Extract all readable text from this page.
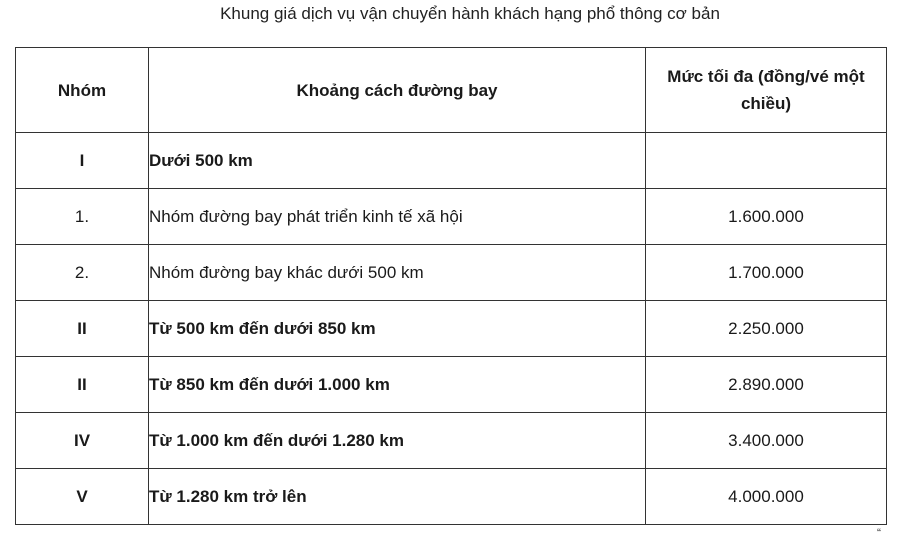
Khung giá dịch vụ vận chuyển hành khách hạng phổ thông cơ bản
Nhóm	Khoảng cách đường bay	Mức tối đa (đồng/vé một chiều)

I	Dưới 500 km	
1.	Nhóm đường bay phát triển kinh tế xã hội	1.600.000
2.	Nhóm đường bay khác dưới 500 km	1.700.000
II	Từ 500 km đến dưới 850 km	2.250.000
II	Từ 850 km đến dưới 1.000 km	2.890.000
IV	Từ 1.000 km đến dưới 1.280 km	3.400.000
V	Từ 1.280 km trở lên	4.000.000
“
